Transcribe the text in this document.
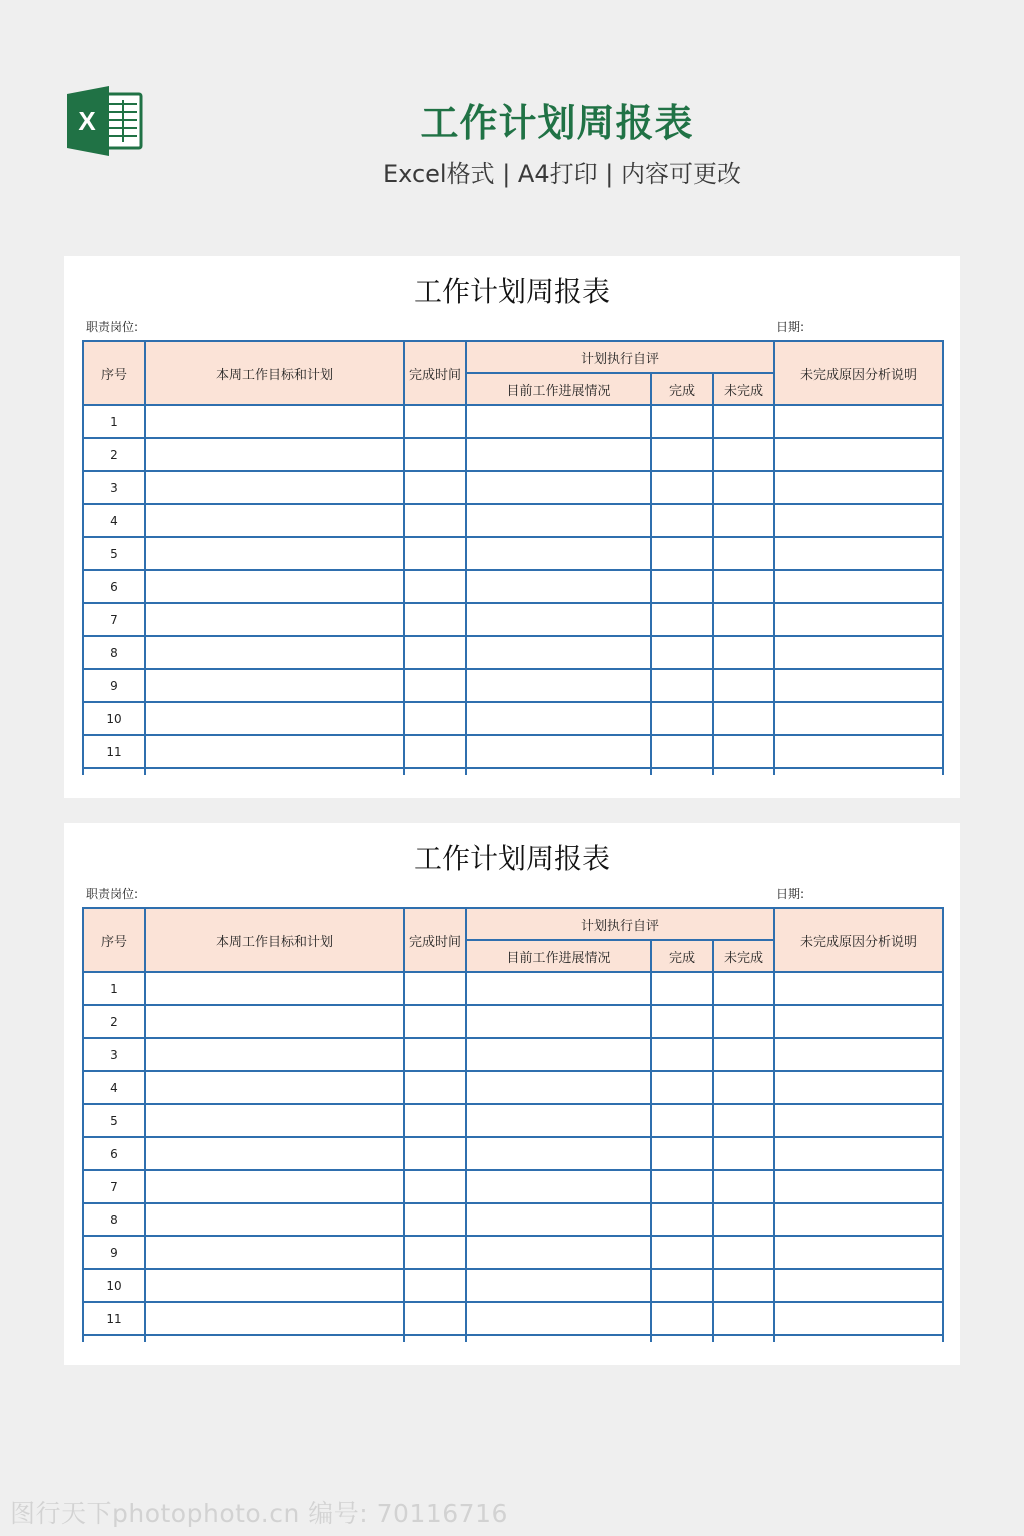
X	工作计划周报表
Excel格式 | A4打印 | 内容可更改
工作计划周报表
职责岗位:	日期:
序号	本周工作目标和计划	完成时间	计划执行自评			未完成原因分析说明
			目前工作进展情况	完成	未完成	
1						
2						
3						
4						
5						
6						
7						
8						
9						
10						
11						

工作计划周报表
职责岗位:	日期:
序号	本周工作目标和计划	完成时间	计划执行自评			未完成原因分析说明
			目前工作进展情况	完成	未完成	
1						
2						
3						
4						
5						
6						
7						
8						
9						
10						
11						

图行天下photophoto.cn 编号: 70116716
